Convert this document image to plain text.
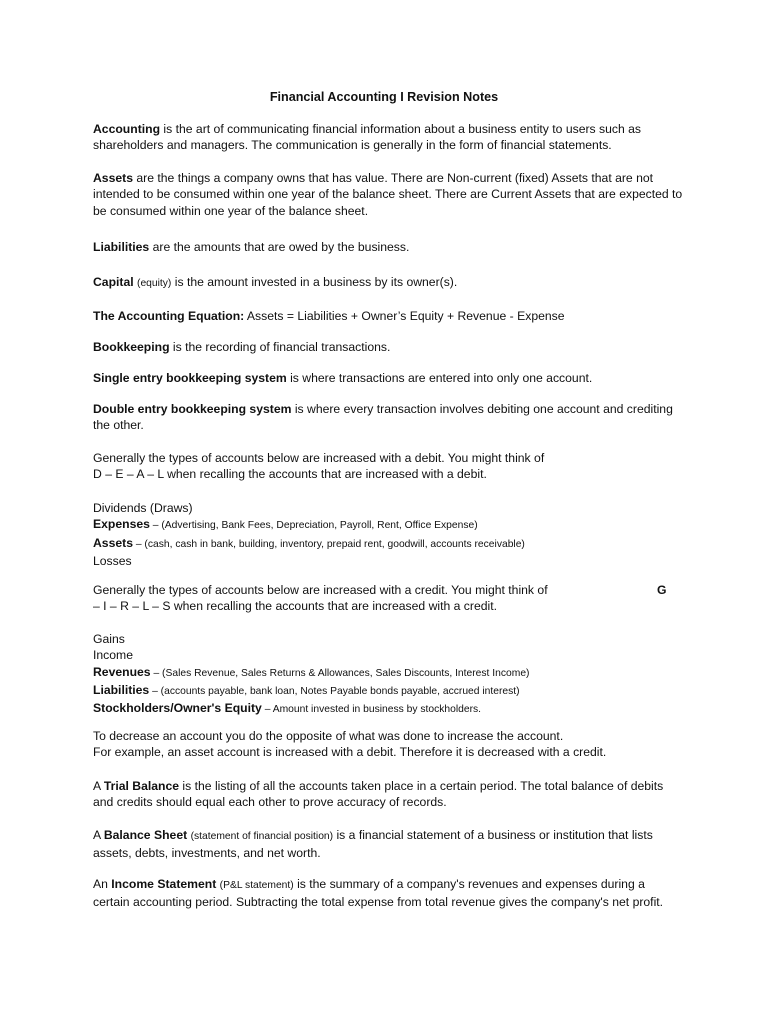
Financial Accounting I Revision Notes

Accounting is the art of communicating financial information about a business entity to users such as shareholders and managers. The communication is generally in the form of financial statements.

Assets are the things a company owns that has value. There are Non-current (fixed) Assets that are not intended to be consumed within one year of the balance sheet. There are Current Assets that are expected to be consumed within one year of the balance sheet.

Liabilities are the amounts that are owed by the business.

Capital (equity) is the amount invested in a business by its owner(s).

The Accounting Equation: Assets = Liabilities + Owner’s Equity + Revenue - Expense

Bookkeeping is the recording of financial transactions.

Single entry bookkeeping system is where transactions are entered into only one account.

Double entry bookkeeping system is where every transaction involves debiting one account and crediting the other.

Generally the types of accounts below are increased with a debit. You might think of
D – E – A – L when recalling the accounts that are increased with a debit.

Dividends (Draws)
Expenses – (Advertising, Bank Fees, Depreciation, Payroll, Rent, Office Expense)
Assets – (cash, cash in bank, building, inventory, prepaid rent, goodwill, accounts receivable)
Losses

Generally the types of accounts below are increased with a credit. You might think of
– I – R – L – S when recalling the accounts that are increased with a credit.

G
Gains
Income
Revenues – (Sales Revenue, Sales Returns & Allowances, Sales Discounts, Interest Income)
Liabilities – (accounts payable, bank loan, Notes Payable bonds payable, accrued interest)
Stockholders/Owner's Equity – Amount invested in business by stockholders.

To decrease an account you do the opposite of what was done to increase the account.
For example, an asset account is increased with a debit. Therefore it is decreased with a credit.

A Trial Balance is the listing of all the accounts taken place in a certain period. The total balance of debits and credits should equal each other to prove accuracy of records.

A Balance Sheet (statement of financial position) is a financial statement of a business or institution that lists assets, debts, investments, and net worth.

An Income Statement (P&L statement) is the summary of a company's revenues and expenses during a certain accounting period. Subtracting the total expense from total revenue gives the company's net profit.
